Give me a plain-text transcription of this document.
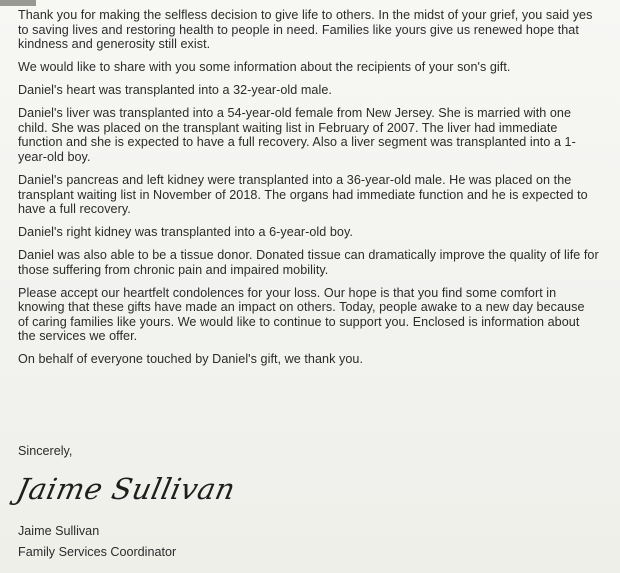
Thank you for making the selfless decision to give life to others. In the midst of your grief, you said yes
to saving lives and restoring health to people in need. Families like yours give us renewed hope that
kindness and generosity still exist.

We would like to share with you some information about the recipients of your son's gift.

Daniel's heart was transplanted into a 32-year-old male.

Daniel's liver was transplanted into a 54-year-old female from New Jersey. She is married with one
child. She was placed on the transplant waiting list in February of 2007. The liver had immediate
function and she is expected to have a full recovery. Also a liver segment was transplanted into a 1-
year-old boy.

Daniel's pancreas and left kidney were transplanted into a 36-year-old male. He was placed on the
transplant waiting list in November of 2018. The organs had immediate function and he is expected to
have a full recovery.

Daniel's right kidney was transplanted into a 6-year-old boy.

Daniel was also able to be a tissue donor. Donated tissue can dramatically improve the quality of life for
those suffering from chronic pain and impaired mobility.

Please accept our heartfelt condolences for your loss. Our hope is that you find some comfort in
knowing that these gifts have made an impact on others. Today, people awake to a new day because
of caring families like yours. We would like to continue to support you. Enclosed is information about
the services we offer.

On behalf of everyone touched by Daniel's gift, we thank you.

Sincerely,
Jaime Sullivan
Jaime Sullivan
Family Services Coordinator
